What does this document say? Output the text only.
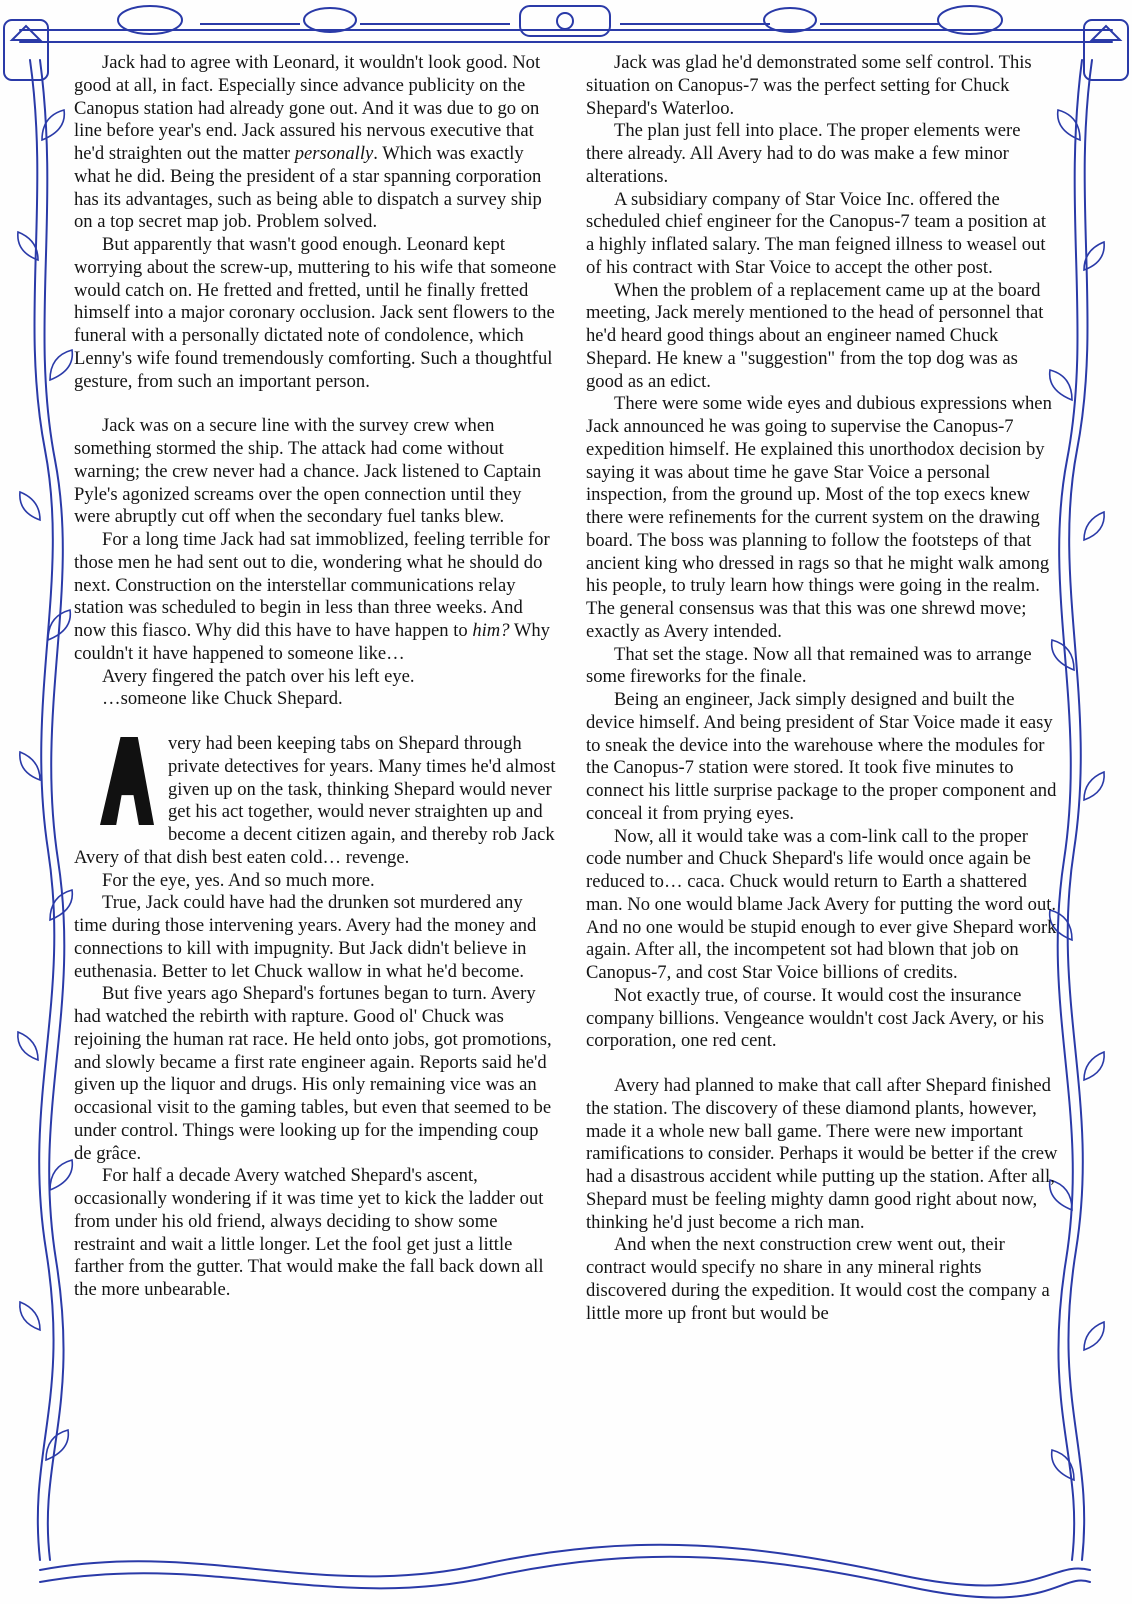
Jack had to agree with Leonard, it wouldn't look good. Not good at all, in fact. Especially since advance publicity on the Canopus station had already gone out. And it was due to go on line before year's end. Jack assured his nervous executive that he'd straighten out the matter personally. Which was exactly what he did. Being the president of a star spanning corporation has its advantages, such as being able to dispatch a survey ship on a top secret map job. Problem solved.

But apparently that wasn't good enough. Leonard kept worrying about the screw-up, muttering to his wife that someone would catch on. He fretted and fretted, until he finally fretted himself into a major coronary occlusion. Jack sent flowers to the funeral with a personally dictated note of condolence, which Lenny's wife found tremendously comforting. Such a thoughtful gesture, from such an important person.

Jack was on a secure line with the survey crew when something stormed the ship. The attack had come without warning; the crew never had a chance. Jack listened to Captain Pyle's agonized screams over the open connection until they were abruptly cut off when the secondary fuel tanks blew.

For a long time Jack had sat immoblized, feeling terrible for those men he had sent out to die, wondering what he should do next. Construction on the interstellar communications relay station was scheduled to begin in less than three weeks. And now this fiasco. Why did this have to have happen to him? Why couldn't it have happened to someone like…

Avery fingered the patch over his left eye.

…someone like Chuck Shepard.

very had been keeping tabs on Shepard through private detectives for years. Many times he'd almost given up on the task, thinking Shepard would never get his act together, would never straighten up and become a decent citizen again, and thereby rob Jack Avery of that dish best eaten cold… revenge.

For the eye, yes. And so much more.

True, Jack could have had the drunken sot murdered any time during those intervening years. Avery had the money and connections to kill with impugnity. But Jack didn't believe in euthenasia. Better to let Chuck wallow in what he'd become.

But five years ago Shepard's fortunes began to turn. Avery had watched the rebirth with rapture. Good ol' Chuck was rejoining the human rat race. He held onto jobs, got promotions, and slowly became a first rate engineer again. Reports said he'd given up the liquor and drugs. His only remaining vice was an occasional visit to the gaming tables, but even that seemed to be under control. Things were looking up for the impending coup de grâce.

For half a decade Avery watched Shepard's ascent, occasionally wondering if it was time yet to kick the ladder out from under his old friend, always deciding to show some restraint and wait a little longer. Let the fool get just a little farther from the gutter. That would make the fall back down all the more unbearable.

Jack was glad he'd demonstrated some self control. This situation on Canopus-7 was the perfect setting for Chuck Shepard's Waterloo.

The plan just fell into place. The proper elements were there already. All Avery had to do was make a few minor alterations.

A subsidiary company of Star Voice Inc. offered the scheduled chief engineer for the Canopus-7 team a position at a highly inflated salary. The man feigned illness to weasel out of his contract with Star Voice to accept the other post.

When the problem of a replacement came up at the board meeting, Jack merely mentioned to the head of personnel that he'd heard good things about an engineer named Chuck Shepard. He knew a "suggestion" from the top dog was as good as an edict.

There were some wide eyes and dubious expressions when Jack announced he was going to supervise the Canopus-7 expedition himself. He explained this unorthodox decision by saying it was about time he gave Star Voice a personal inspection, from the ground up. Most of the top execs knew there were refinements for the current system on the drawing board. The boss was planning to follow the footsteps of that ancient king who dressed in rags so that he might walk among his people, to truly learn how things were going in the realm. The general consensus was that this was one shrewd move; exactly as Avery intended.

That set the stage. Now all that remained was to arrange some fireworks for the finale.

Being an engineer, Jack simply designed and built the device himself. And being president of Star Voice made it easy to sneak the device into the warehouse where the modules for the Canopus-7 station were stored. It took five minutes to connect his little surprise package to the proper component and conceal it from prying eyes.

Now, all it would take was a com-link call to the proper code number and Chuck Shepard's life would once again be reduced to… caca. Chuck would return to Earth a shattered man. No one would blame Jack Avery for putting the word out. And no one would be stupid enough to ever give Shepard work again. After all, the incompetent sot had blown that job on Canopus-7, and cost Star Voice billions of credits.

Not exactly true, of course. It would cost the insurance company billions. Vengeance wouldn't cost Jack Avery, or his corporation, one red cent.

Avery had planned to make that call after Shepard finished the station. The discovery of these diamond plants, however, made it a whole new ball game. There were new important ramifications to consider. Perhaps it would be better if the crew had a disastrous accident while putting up the station. After all, Shepard must be feeling mighty damn good right about now, thinking he'd just become a rich man.

And when the next construction crew went out, their contract would specify no share in any mineral rights discovered during the expedition. It would cost the company a little more up front but would be
